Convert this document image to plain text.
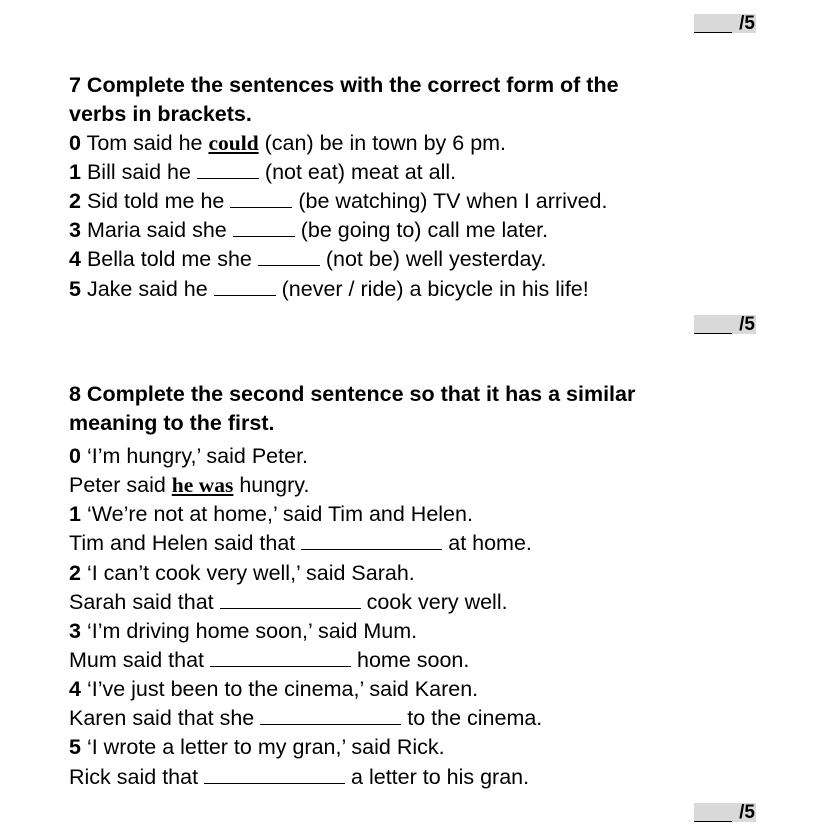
/5
/5
/5
7 Complete the sentences with the correct form of the
verbs in brackets.
0 Tom said he could (can) be in town by 6 pm.
1 Bill said he	(not eat) meat at all.
2 Sid told me he	(be watching) TV when I arrived.
3 Maria said she	(be going to) call me later.
4 Bella told me she	(not be) well yesterday.
5 Jake said he	(never / ride) a bicycle in his life!
8 Complete the second sentence so that it has a similar
meaning to the first.
0 ‘I’m hungry,’ said Peter.
Peter said he was hungry.
1 ‘We’re not at home,’ said Tim and Helen.
Tim and Helen said that	at home.
2 ‘I can’t cook very well,’ said Sarah.
Sarah said that	cook very well.
3 ‘I’m driving home soon,’ said Mum.
Mum said that	home soon.
4 ‘I’ve just been to the cinema,’ said Karen.
Karen said that she	to the cinema.
5 ‘I wrote a letter to my gran,’ said Rick.
Rick said that	a letter to his gran.
